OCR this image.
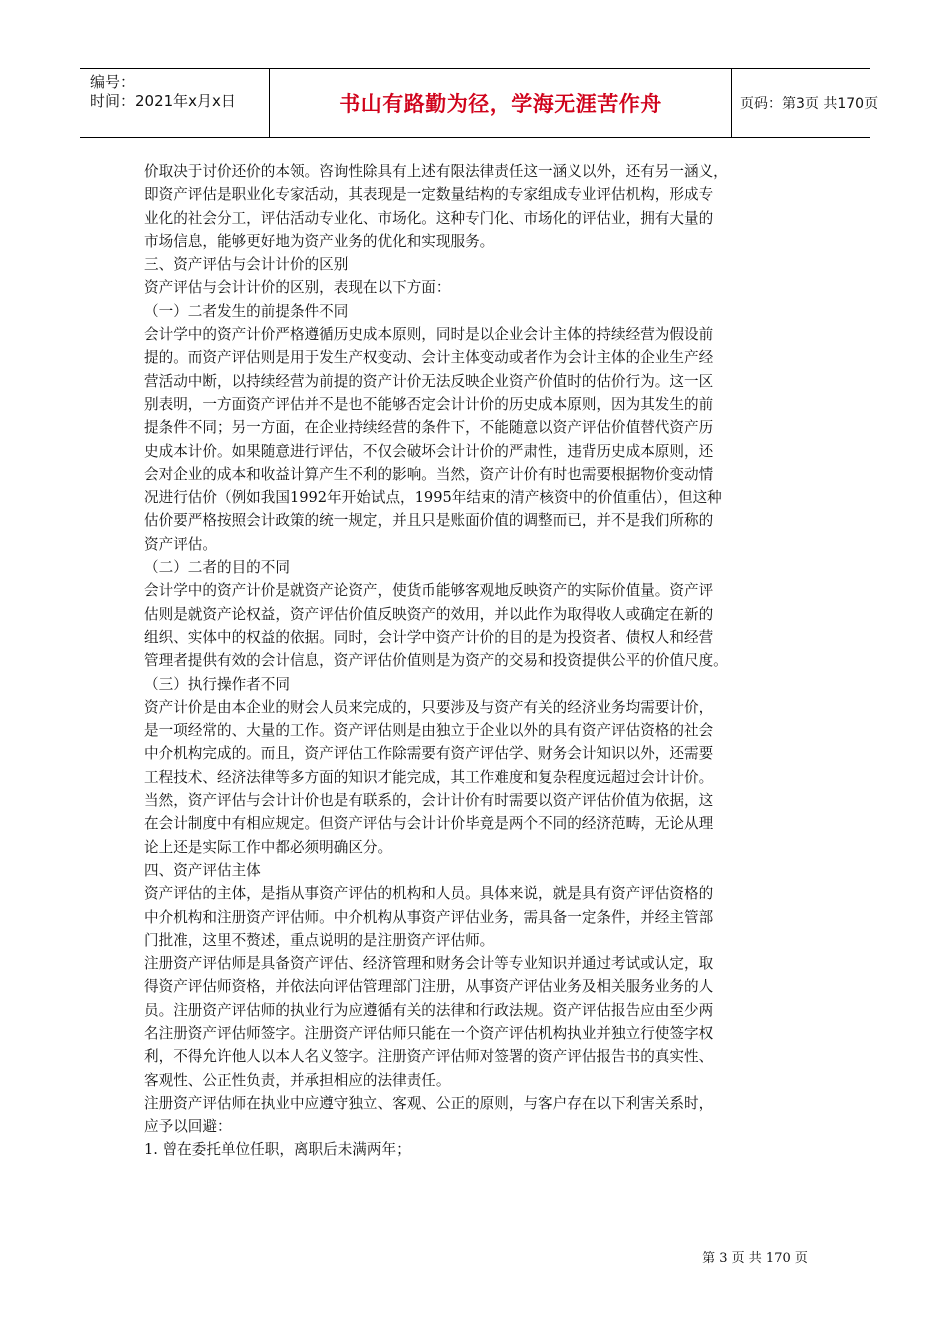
编号：
时间：2021年x月x日	书山有路勤为径，学海无涯苦作舟	页码：第3页 共170页
价取决于讨价还价的本领。咨询性除具有上述有限法律责任这一涵义以外，还有另一涵义，
即资产评估是职业化专家活动，其表现是一定数量结构的专家组成专业评估机构，形成专
业化的社会分工，评估活动专业化、市场化。这种专门化、市场化的评估业，拥有大量的
市场信息，能够更好地为资产业务的优化和实现服务。
三、资产评估与会计计价的区别
资产评估与会计计价的区别，表现在以下方面：
（一）二者发生的前提条件不同
会计学中的资产计价严格遵循历史成本原则，同时是以企业会计主体的持续经营为假设前
提的。而资产评估则是用于发生产权变动、会计主体变动或者作为会计主体的企业生产经
营活动中断，以持续经营为前提的资产计价无法反映企业资产价值时的估价行为。这一区
别表明，一方面资产评估并不是也不能够否定会计计价的历史成本原则，因为其发生的前
提条件不同；另一方面，在企业持续经营的条件下，不能随意以资产评估价值替代资产历
史成本计价。如果随意进行评估，不仅会破坏会计计价的严肃性，违背历史成本原则，还
会对企业的成本和收益计算产生不利的影响。当然，资产计价有时也需要根据物价变动情
况进行估价（例如我国1992年开始试点，1995年结束的清产核资中的价值重估），但这种
估价要严格按照会计政策的统一规定，并且只是账面价值的调整而已，并不是我们所称的
资产评估。
（二）二者的目的不同
会计学中的资产计价是就资产论资产，使货币能够客观地反映资产的实际价值量。资产评
估则是就资产论权益，资产评估价值反映资产的效用，并以此作为取得收人或确定在新的
组织、实体中的权益的依据。同时，会计学中资产计价的目的是为投资者、债权人和经营
管理者提供有效的会计信息，资产评估价值则是为资产的交易和投资提供公平的价值尺度。
（三）执行操作者不同
资产计价是由本企业的财会人员来完成的，只要涉及与资产有关的经济业务均需要计价，
是一项经常的、大量的工作。资产评估则是由独立于企业以外的具有资产评估资格的社会
中介机构完成的。而且，资产评估工作除需要有资产评估学、财务会计知识以外，还需要
工程技术、经济法律等多方面的知识才能完成，其工作难度和复杂程度远超过会计计价。
当然，资产评估与会计计价也是有联系的，会计计价有时需要以资产评估价值为依据，这
在会计制度中有相应规定。但资产评估与会计计价毕竟是两个不同的经济范畴，无论从理
论上还是实际工作中都必须明确区分。
四、资产评估主体
资产评估的主体，是指从事资产评估的机构和人员。具体来说，就是具有资产评估资格的
中介机构和注册资产评估师。中介机构从事资产评估业务，需具备一定条件，并经主管部
门批准，这里不赘述，重点说明的是注册资产评估师。
注册资产评估师是具备资产评估、经济管理和财务会计等专业知识并通过考试或认定，取
得资产评估师资格，并依法向评估管理部门注册，从事资产评估业务及相关服务业务的人
员。注册资产评估师的执业行为应遵循有关的法律和行政法规。资产评估报告应由至少两
名注册资产评估师签字。注册资产评估师只能在一个资产评估机构执业并独立行使签字权
利，不得允许他人以本人名义签字。注册资产评估师对签署的资产评估报告书的真实性、
客观性、公正性负责，并承担相应的法律责任。
注册资产评估师在执业中应遵守独立、客观、公正的原则，与客户存在以下利害关系时，
应予以回避：
1. 曾在委托单位任职，离职后未满两年；
第 3 页 共 170 页
